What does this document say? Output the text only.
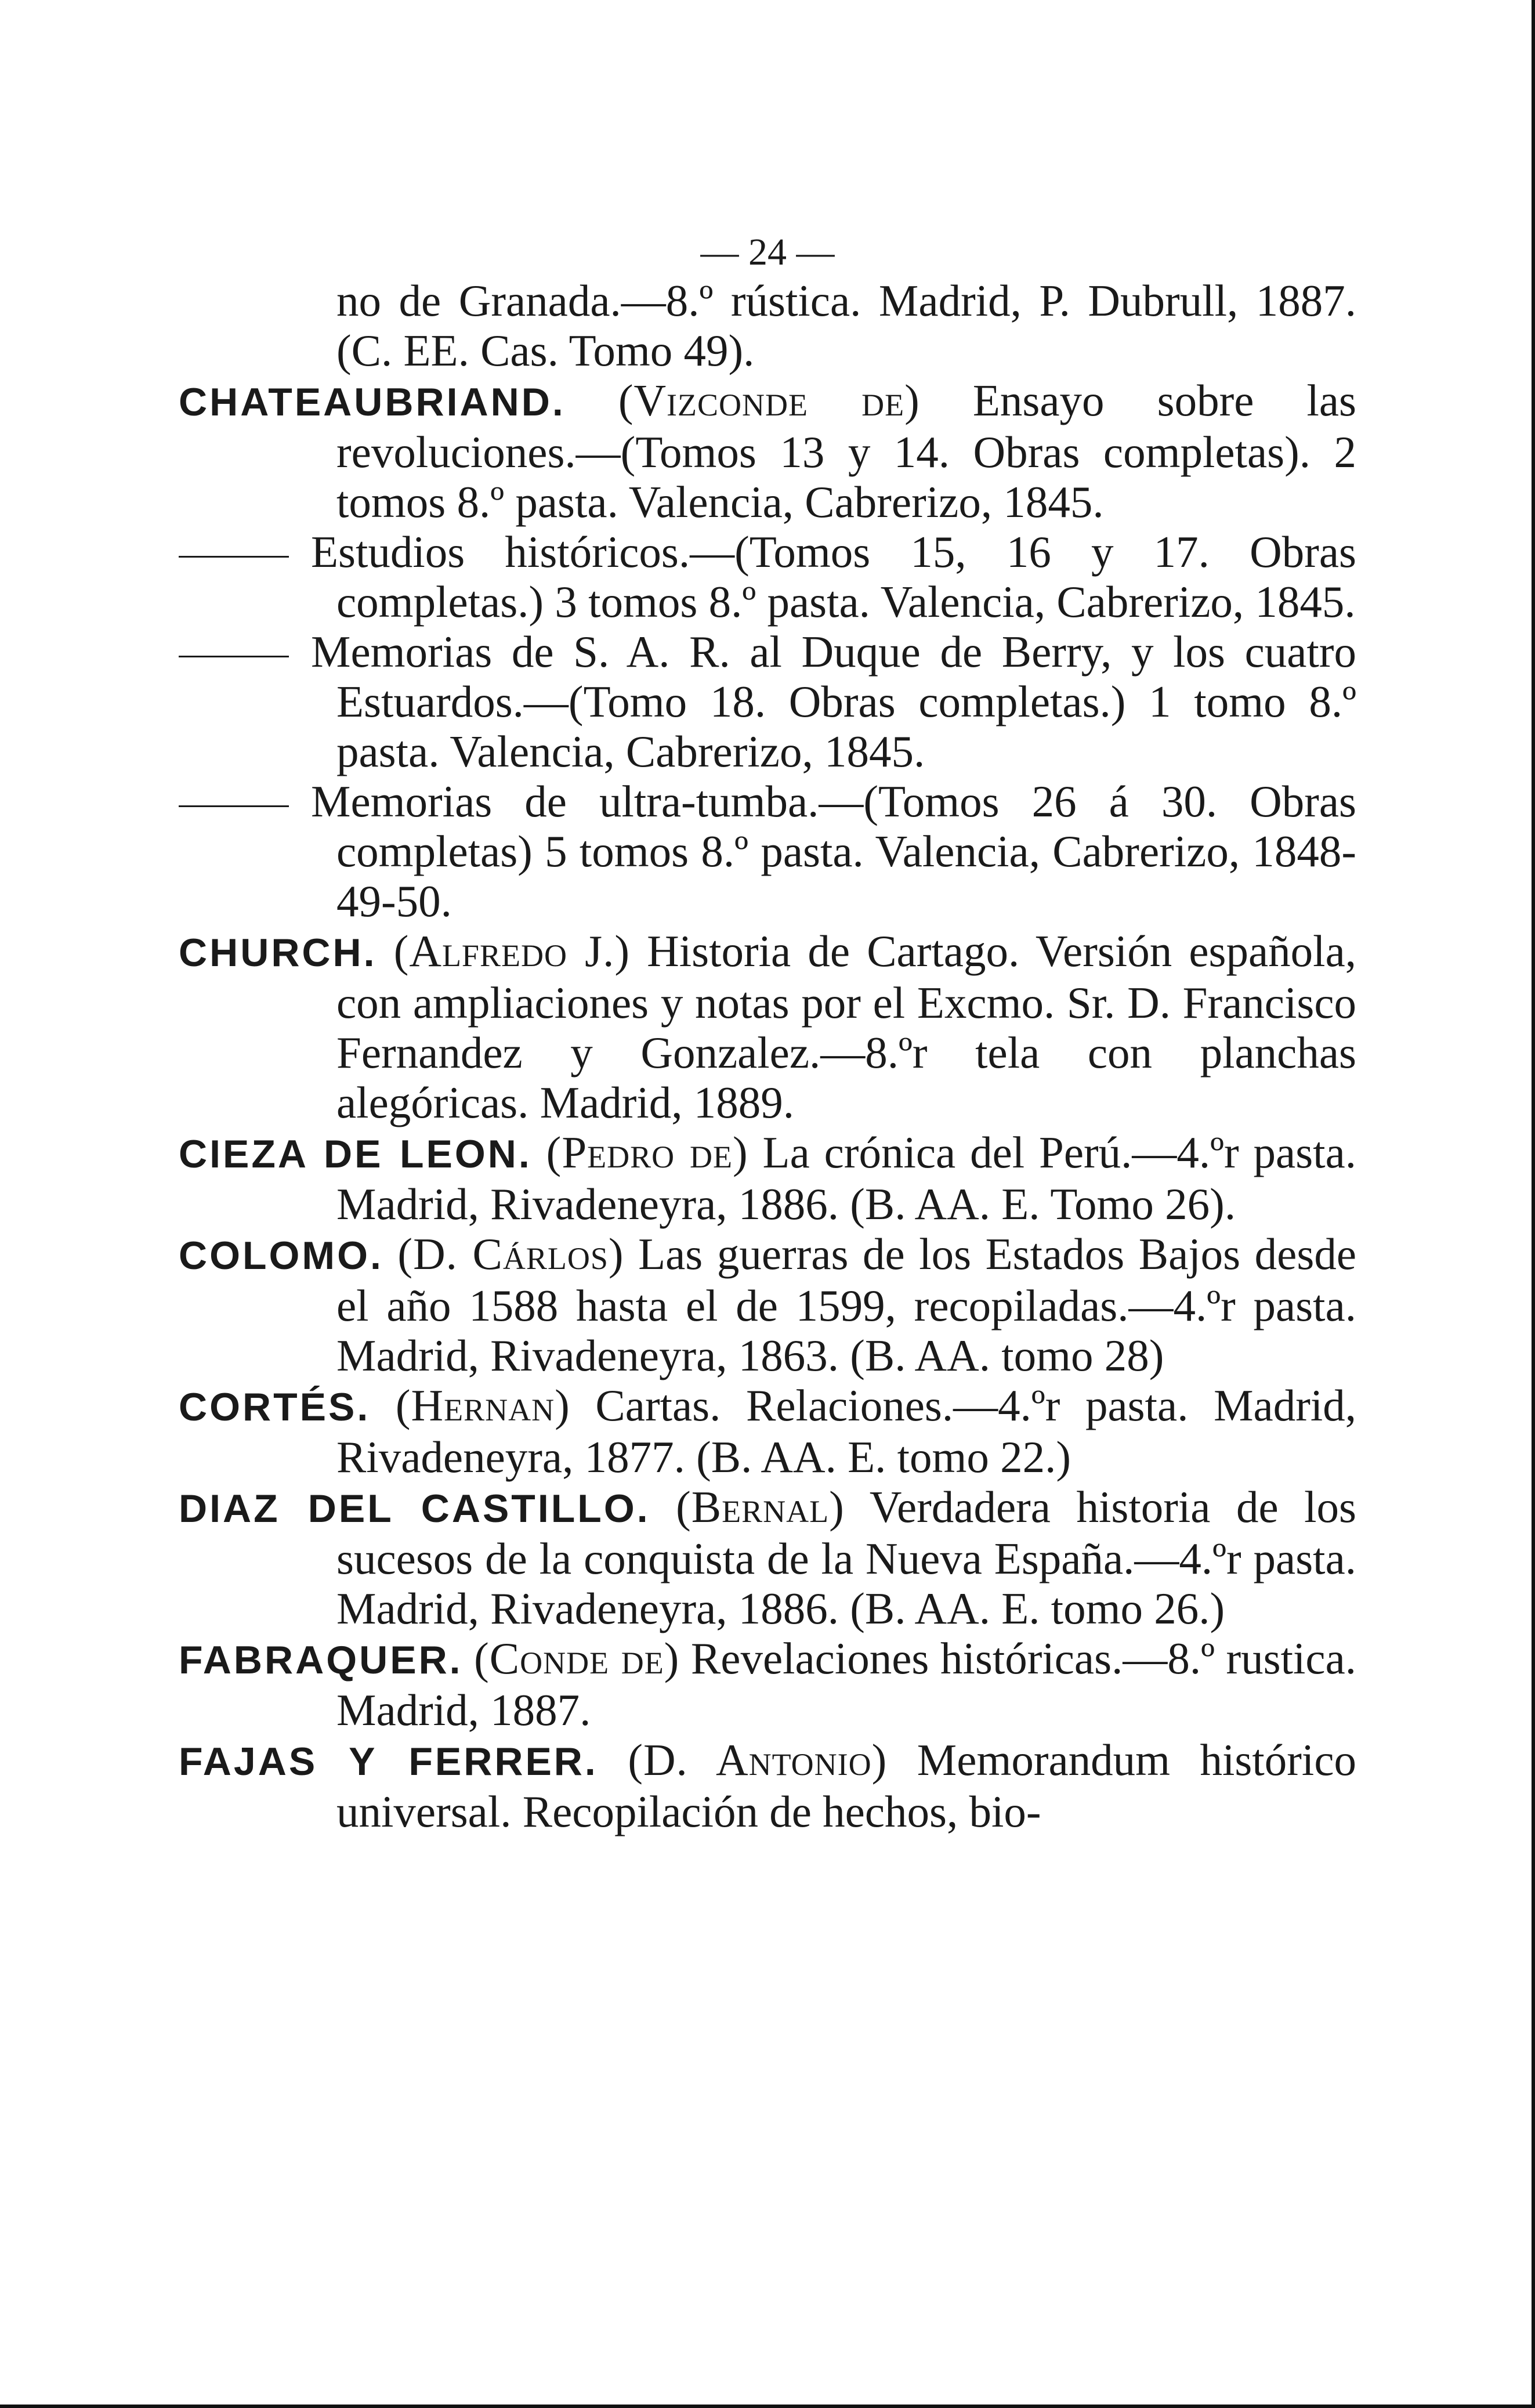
— 24 —

no de Granada.—8.º rústica. Madrid, P. Dubrull, 1887. (C. EE. Cas. Tomo 49).

CHATEAUBRIAND. (Vizconde de) Ensayo sobre las revoluciones.—(Tomos 13 y 14. Obras completas). 2 tomos 8.º pasta. Valencia, Cabrerizo, 1845.

Estudios históricos.—(Tomos 15, 16 y 17. Obras completas.) 3 tomos 8.º pasta. Valencia, Cabrerizo, 1845.

Memorias de S. A. R. al Duque de Berry, y los cuatro Estuardos.—(Tomo 18. Obras completas.) 1 tomo 8.º pasta. Valencia, Cabrerizo, 1845.

Memorias de ultra-tumba.—(Tomos 26 á 30. Obras completas) 5 tomos 8.º pasta. Valencia, Cabrerizo, 1848-49-50.

CHURCH. (Alfredo J.) Historia de Cartago. Versión española, con ampliaciones y notas por el Excmo. Sr. D. Francisco Fernandez y Gonzalez.—8.ºr tela con planchas alegóricas. Madrid, 1889.

CIEZA DE LEON. (Pedro de) La crónica del Perú.—4.ºr pasta. Madrid, Rivadeneyra, 1886. (B. AA. E. Tomo 26).

COLOMO. (D. Cárlos) Las guerras de los Estados Bajos desde el año 1588 hasta el de 1599, recopiladas.—4.ºr pasta. Madrid, Rivadeneyra, 1863. (B. AA. tomo 28)

CORTÉS. (Hernan) Cartas. Relaciones.—4.ºr pasta. Madrid, Rivadeneyra, 1877. (B. AA. E. tomo 22.)

DIAZ DEL CASTILLO. (Bernal) Verdadera historia de los sucesos de la conquista de la Nueva España.—4.ºr pasta. Madrid, Rivadeneyra, 1886. (B. AA. E. tomo 26.)

FABRAQUER. (Conde de) Revelaciones históricas.—8.º rustica. Madrid, 1887.

FAJAS Y FERRER. (D. Antonio) Memorandum histórico universal. Recopilación de hechos, bio-
